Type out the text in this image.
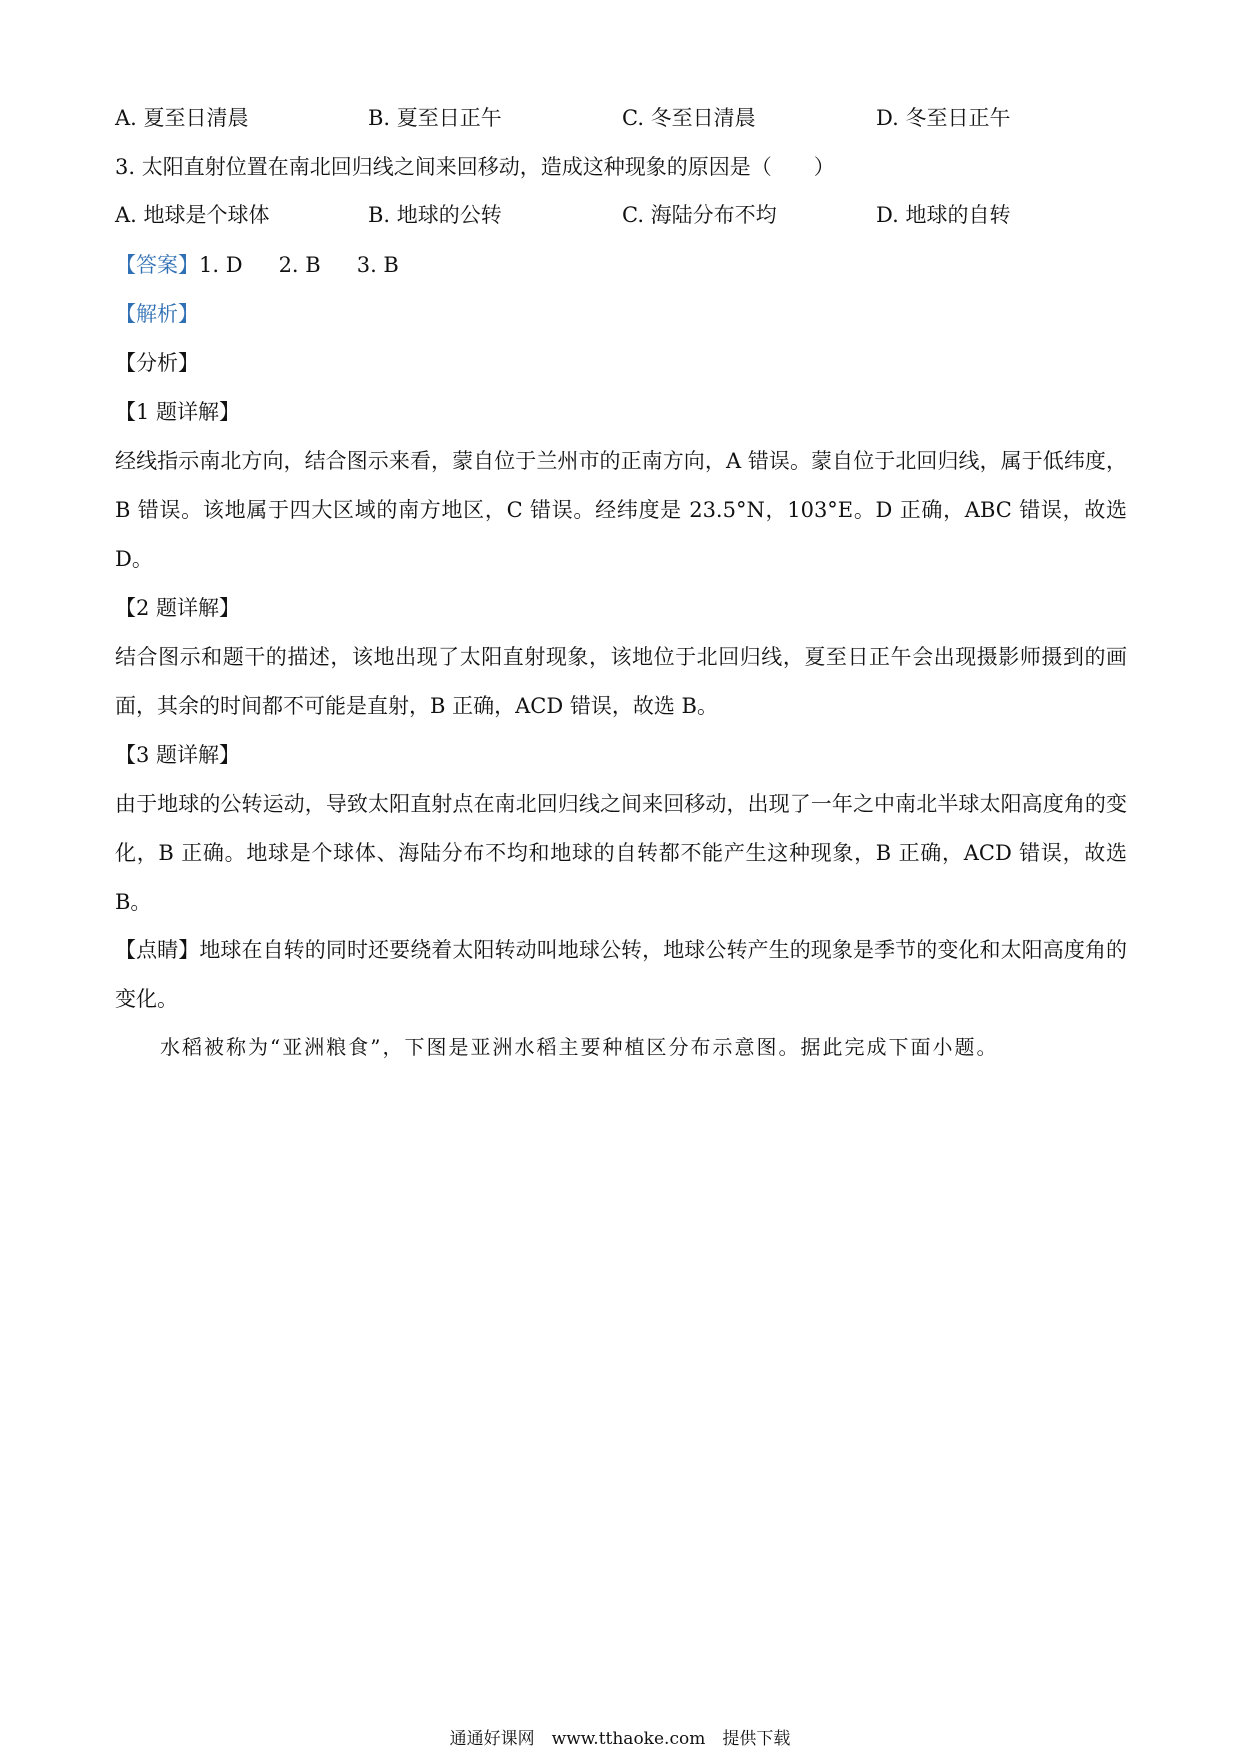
A. 夏至日清晨	B. 夏至日正午	C. 冬至日清晨	D. 冬至日正午
3. 太阳直射位置在南北回归线之间来回移动，造成这种现象的原因是（　　）
A. 地球是个球体	B. 地球的公转	C. 海陆分布不均	D. 地球的自转
【答案】1. D 2. B 3. B
【解析】
【分析】
【1 题详解】
经线指示南北方向，结合图示来看，蒙自位于兰州市的正南方向，A 错误。蒙自位于北回归线，属于低纬度，B 错误。该地属于四大区域的南方地区，C 错误。经纬度是 23.5°N，103°E。D 正确，ABC 错误，故选 D。
【2 题详解】
结合图示和题干的描述，该地出现了太阳直射现象，该地位于北回归线，夏至日正午会出现摄影师摄到的画面，其余的时间都不可能是直射，B 正确，ACD 错误，故选 B。
【3 题详解】
由于地球的公转运动，导致太阳直射点在南北回归线之间来回移动，出现了一年之中南北半球太阳高度角的变化，B 正确。地球是个球体、海陆分布不均和地球的自转都不能产生这种现象，B 正确，ACD 错误，故选 B。
【点睛】地球在自转的同时还要绕着太阳转动叫地球公转，地球公转产生的现象是季节的变化和太阳高度角的变化。
水稻被称为“亚洲粮食”，下图是亚洲水稻主要种植区分布示意图。据此完成下面小题。
通通好课网　www.tthaoke.com　提供下载
